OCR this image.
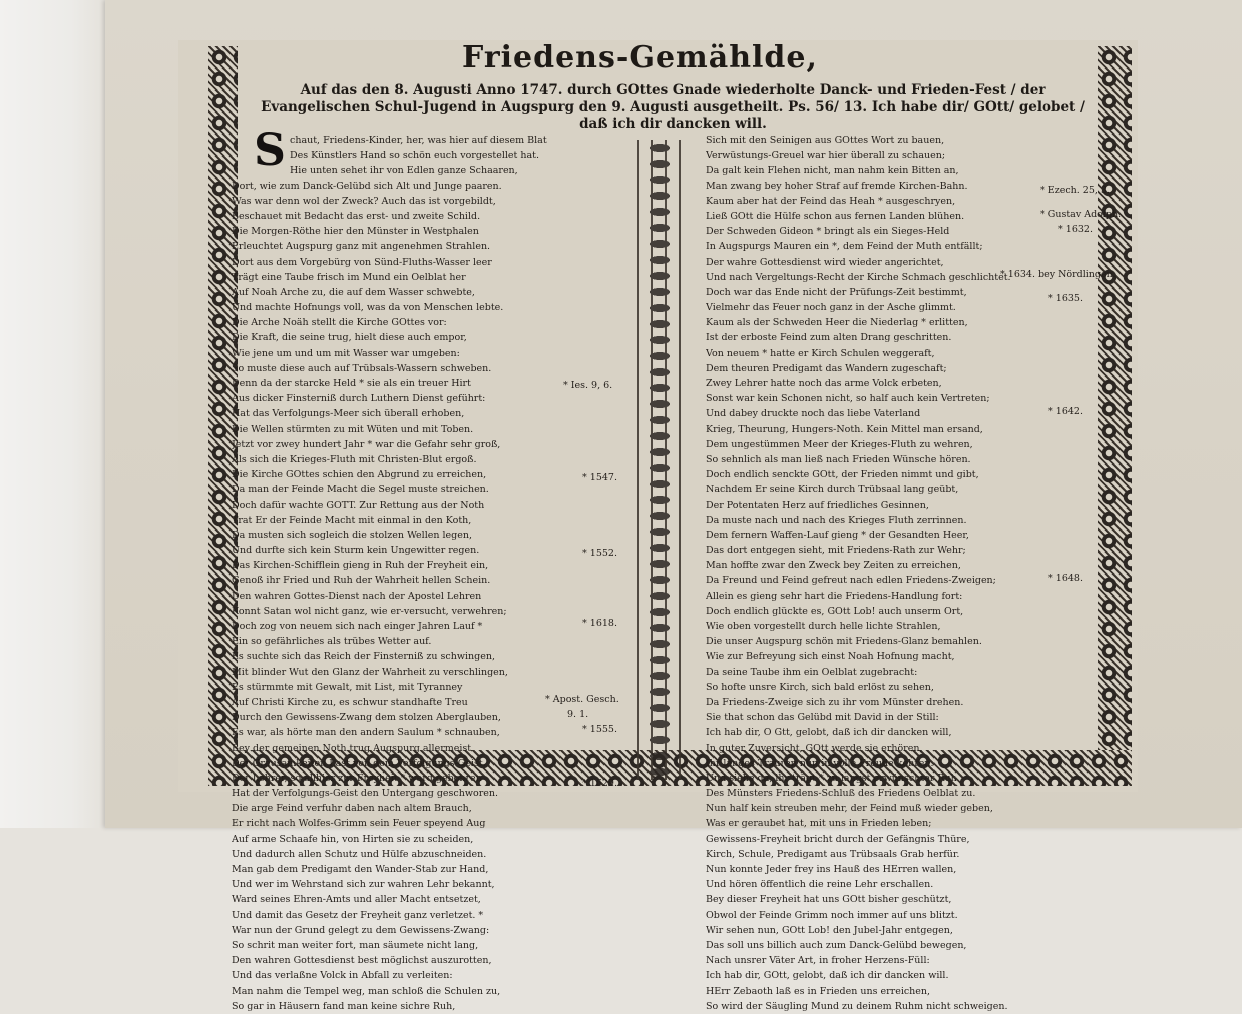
Friedens-Gemählde,
Auf das den 8. Augusti Anno 1747. durch GOttes Gnade wiederholte Danck- und Frieden-Fest / der Evangelischen Schul-Jugend in Augspurg den 9. Augusti ausgetheilt. Ps. 56/ 13. Ich habe dir/ GOtt/ gelobet / daß ich dir dancken will.
S chaut, Friedens-Kinder, her, was hier auf diesem Blat
Des Künstlers Hand so schön euch vorgestellet hat.
Hie unten sehet ihr von Edlen ganze Schaaren,
Dort, wie zum Danck-Gelübd sich Alt und Junge paaren.
Was war denn wol der Zweck? Auch das ist vorgebildt,
Beschauet mit Bedacht das erst- und zweite Schild.
Die Morgen-Röthe hier den Münster in Westphalen
Erleuchtet Augspurg ganz mit angenehmen Strahlen.
Dort aus dem Vorgebürg von Sünd-Fluths-Wasser leer
Trägt eine Taube frisch im Mund ein Oelblat her
Auf Noah Arche zu, die auf dem Wasser schwebte,
Und machte Hofnungs voll, was da von Menschen lebte.
Die Arche Noäh stellt die Kirche GOttes vor:
Die Kraft, die seine trug, hielt diese auch empor,
Wie jene um und um mit Wasser war umgeben:
So muste diese auch auf Trübsals-Wassern schweben.
Denn da der starcke Held * sie als ein treuer Hirt
Aus dicker Finsterniß durch Luthern Dienst geführt:
Hat das Verfolgungs-Meer sich überall erhoben,
Die Wellen stürmten zu mit Wüten und mit Toben.
Jetzt vor zwey hundert Jahr * war die Gefahr sehr groß,
Als sich die Krieges-Fluth mit Christen-Blut ergoß.
Die Kirche GOttes schien den Abgrund zu erreichen,
Da man der Feinde Macht die Segel muste streichen.
Doch dafür wachte GOTT. Zur Rettung aus der Noth
Trat Er der Feinde Macht mit einmal in den Koth,
Da musten sich sogleich die stolzen Wellen legen,
Und durfte sich kein Sturm kein Ungewitter regen.
Das Kirchen-Schifflein gieng in Ruh der Freyheit ein,
Genoß ihr Fried und Ruh der Wahrheit hellen Schein.
Den wahren Gottes-Dienst nach der Apostel Lehren
Konnt Satan wol nicht ganz, wie er-versucht, verwehren;
Doch zog von neuem sich nach einger Jahren Lauf *
Ein so gefährliches als trübes Wetter auf.
Es suchte sich das Reich der Finsterniß zu schwingen,
Mit blinder Wut den Glanz der Wahrheit zu verschlingen,
Es stürmmte mit Gewalt, mit List, mit Tyranney
Auf Christi Kirche zu, es schwur standhafte Treu
Durch den Gewissens-Zwang dem stolzen Aberglauben,
Es war, als hörte man den andern Saulum * schnauben,
Bey der gemeinen Noth trug Augspurg allermeist
Der Grausamkeiten Last von dem Verfolgungs-Geist.
Der Lehrer, so allhier zur Freyheit * ward gebohren
Hat der Verfolgungs-Geist den Untergang geschworen.
Die arge Feind verfuhr daben nach altem Brauch,
Er richt nach Wolfes-Grimm sein Feuer speyend Aug
Auf arme Schaafe hin, von Hirten sie zu scheiden,
Und dadurch allen Schutz und Hülfe abzuschneiden.
Man gab dem Predigamt den Wander-Stab zur Hand,
Und wer im Wehrstand sich zur wahren Lehr bekannt,
Ward seines Ehren-Amts und aller Macht entsetzet,
Und damit das Gesetz der Freyheit ganz verletzet. *
War nun der Grund gelegt zu dem Gewissens-Zwang:
So schrit man weiter fort, man säumete nicht lang,
Den wahren Gottesdienst best möglichst auszurotten,
Und das verlaßne Volck in Abfall zu verleiten:
Man nahm die Tempel weg, man schloß die Schulen zu,
So gar in Häusern fand man keine sichre Ruh,
Sich mit den Seinigen aus GOttes Wort zu bauen,
Verwüstungs-Greuel war hier überall zu schauen;
Da galt kein Flehen nicht, man nahm kein Bitten an,
Man zwang bey hoher Straf auf fremde Kirchen-Bahn.
Kaum aber hat der Feind das Heah * ausgeschryen,
Ließ GOtt die Hülfe schon aus fernen Landen blühen.
Der Schweden Gideon * bringt als ein Sieges-Held
In Augspurgs Mauren ein *, dem Feind der Muth entfällt;
Der wahre Gottesdienst wird wieder angerichtet,
Und nach Vergeltungs-Recht der Kirche Schmach geschlichtet.
Doch war das Ende nicht der Prüfungs-Zeit bestimmt,
Vielmehr das Feuer noch ganz in der Asche glimmt.
Kaum als der Schweden Heer die Niederlag * erlitten,
Ist der erboste Feind zum alten Drang geschritten.
Von neuem * hatte er Kirch Schulen weggeraft,
Dem theuren Predigamt das Wandern zugeschaft;
Zwey Lehrer hatte noch das arme Volck erbeten,
Sonst war kein Schonen nicht, so half auch kein Vertreten;
Und dabey druckte noch das liebe Vaterland
Krieg, Theurung, Hungers-Noth. Kein Mittel man ersand,
Dem ungestümmen Meer der Krieges-Fluth zu wehren,
So sehnlich als man ließ nach Frieden Wünsche hören.
Doch endlich senckte GOtt, der Frieden nimmt und gibt,
Nachdem Er seine Kirch durch Trübsaal lang geübt,
Der Potentaten Herz auf friedliches Gesinnen,
Da muste nach und nach des Krieges Fluth zerrinnen.
Dem fernern Waffen-Lauf gieng * der Gesandten Heer,
Das dort entgegen sieht, mit Friedens-Rath zur Wehr;
Man hoffte zwar den Zweck bey Zeiten zu erreichen,
Da Freund und Feind gefreut nach edlen Friedens-Zweigen;
Allein es gieng sehr hart die Friedens-Handlung fort:
Doch endlich glückte es, GOtt Lob! auch unserm Ort,
Wie oben vorgestellt durch helle lichte Strahlen,
Die unser Augspurg schön mit Friedens-Glanz bemahlen.
Wie zur Befreyung sich einst Noah Hofnung macht,
Da seine Taube ihm ein Oelblat zugebracht:
So hofte unsre Kirch, sich bald erlöst zu sehen,
Da Friedens-Zweige sich zu ihr vom Münster drehen.
Sie that schon das Gelübd mit David in der Still:
Ich hab dir, O Gtt, gelobt, daß ich dir dancken will,
In guter Zuversicht, GOtt werde sie erhören,
Ihr langes Trauren nun in volle Freude kehren.
Und siehe da, ihr trägt * zu langst erwünschter Ruh
Des Münsters Friedens-Schluß des Friedens Oelblat zu.
Nun half kein streuben mehr, der Feind muß wieder geben,
Was er geraubet hat, mit uns in Frieden leben;
Gewissens-Freyheit bricht durch der Gefängnis Thüre,
Kirch, Schule, Predigamt aus Trübsaals Grab herfür.
Nun konnte Jeder frey ins Hauß des HErren wallen,
Und hören öffentlich die reine Lehr erschallen.
Bey dieser Freyheit hat uns GOtt bisher geschützt,
Obwol der Feinde Grimm noch immer auf uns blitzt.
Wir sehen nun, GOtt Lob! den Jubel-Jahr entgegen,
Das soll uns billich auch zum Danck-Gelübd bewegen,
Nach unsrer Väter Art, in froher Herzens-Füll:
Ich hab dir, GOtt, gelobt, daß ich dir dancken will.
HErr Zebaoth laß es in Frieden uns erreichen,
So wird der Säugling Mund zu deinem Ruhm nicht schweigen.
* Ies. 9, 6.
* 1547.
* 1552.
* 1618.
* Apost. Gesch.
9. 1.
* 1555.
* 1629.
* Ezech. 25, 3.
* Gustav Adolph.
* 1632.
* 1634. bey Nördlingen.
* 1635.
* 1642.
* 1648.
